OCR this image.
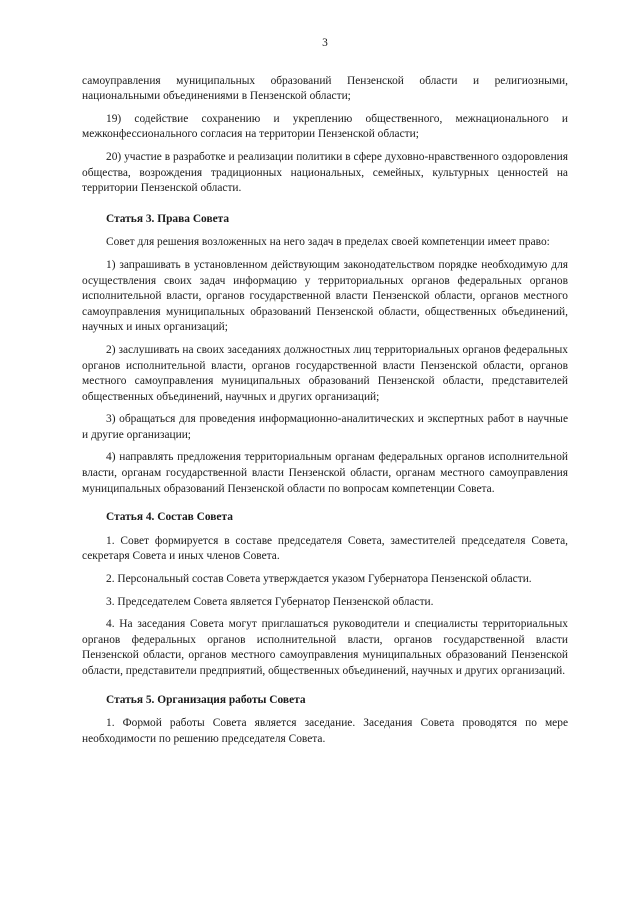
3

самоуправления муниципальных образований Пензенской области и религиозными, национальными объединениями в Пензенской области;

19) содействие сохранению и укреплению общественного, межнационального и межконфессионального согласия на территории Пензенской области;

20) участие в разработке и реализации политики в сфере духовно-нравственного оздоровления общества, возрождения традиционных национальных, семейных, культурных ценностей на территории Пензенской области.

Статья 3. Права Совета

Совет для решения возложенных на него задач в пределах своей компетенции имеет право:

1) запрашивать в установленном действующим законодательством порядке необходимую для осуществления своих задач информацию у территориальных органов федеральных органов исполнительной власти, органов государственной власти Пензенской области, органов местного самоуправления муниципальных образований Пензенской области, общественных объединений, научных и иных организаций;

2) заслушивать на своих заседаниях должностных лиц территориальных органов федеральных органов исполнительной власти, органов государственной власти Пензенской области, органов местного самоуправления муниципальных образований Пензенской области, представителей общественных объединений, научных и других организаций;

3) обращаться для проведения информационно-аналитических и экспертных работ в научные и другие организации;

4) направлять предложения территориальным органам федеральных органов исполнительной власти, органам государственной власти Пензенской области, органам местного самоуправления муниципальных образований Пензенской области по вопросам компетенции Совета.

Статья 4. Состав Совета

1. Совет формируется в составе председателя Совета, заместителей председателя Совета, секретаря Совета и иных членов Совета.

2. Персональный состав Совета утверждается указом Губернатора Пензенской области.

3. Председателем Совета является Губернатор Пензенской области.

4. На заседания Совета могут приглашаться руководители и специалисты территориальных органов федеральных органов исполнительной власти, органов государственной власти Пензенской области, органов местного самоуправления муниципальных образований Пензенской области, представители предприятий, общественных объединений, научных и других организаций.

Статья 5. Организация работы Совета

1. Формой работы Совета является заседание. Заседания Совета проводятся по мере необходимости по решению председателя Совета.
